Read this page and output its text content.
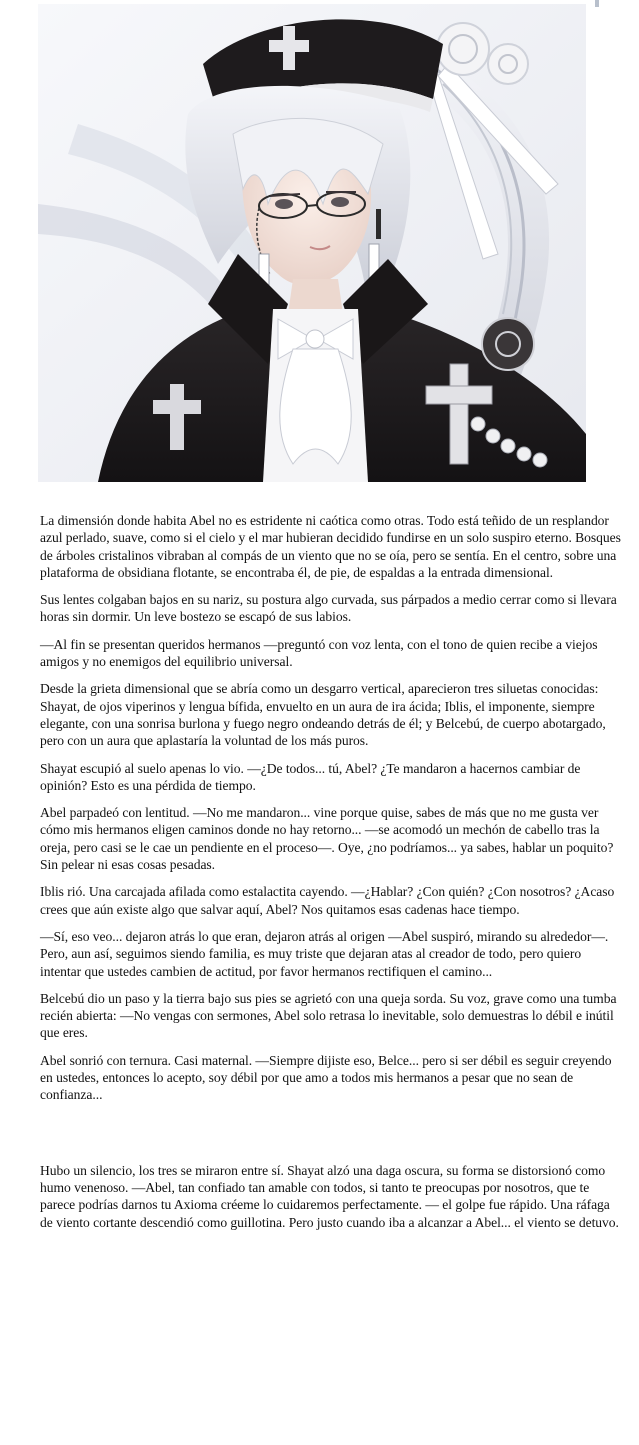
La dimensión donde habita Abel no es estridente ni caótica como otras. Todo está teñido de un resplandor azul perlado, suave, como si el cielo y el mar hubieran decidido fundirse en un solo suspiro eterno. Bosques de árboles cristalinos vibraban al compás de un viento que no se oía, pero se sentía. En el centro, sobre una plataforma de obsidiana flotante, se encontraba él, de pie, de espaldas a la entrada dimensional.

Sus lentes colgaban bajos en su nariz, su postura algo curvada, sus párpados a medio cerrar como si llevara horas sin dormir. Un leve bostezo se escapó de sus labios.

—Al fin se presentan queridos hermanos —preguntó con voz lenta, con el tono de quien recibe a viejos amigos y no enemigos del equilibrio universal.

Desde la grieta dimensional que se abría como un desgarro vertical, aparecieron tres siluetas conocidas: Shayat, de ojos viperinos y lengua bífida, envuelto en un aura de ira ácida; Iblis, el imponente, siempre elegante, con una sonrisa burlona y fuego negro ondeando detrás de él; y Belcebú, de cuerpo abotargado, pero con un aura que aplastaría la voluntad de los más puros.

Shayat escupió al suelo apenas lo vio. —¿De todos... tú, Abel? ¿Te mandaron a hacernos cambiar de opinión? Esto es una pérdida de tiempo.

Abel parpadeó con lentitud. —No me mandaron... vine porque quise, sabes de más que no me gusta ver cómo mis hermanos eligen caminos donde no hay retorno... —se acomodó un mechón de cabello tras la oreja, pero casi se le cae un pendiente en el proceso—. Oye, ¿no podríamos... ya sabes, hablar un poquito? Sin pelear ni esas cosas pesadas.

Iblis rió. Una carcajada afilada como estalactita cayendo. —¿Hablar? ¿Con quién? ¿Con nosotros? ¿Acaso crees que aún existe algo que salvar aquí, Abel? Nos quitamos esas cadenas hace tiempo.

—Sí, eso veo... dejaron atrás lo que eran, dejaron atrás al origen —Abel suspiró, mirando su alrededor—. Pero, aun así, seguimos siendo familia, es muy triste que dejaran atas al creador de todo, pero quiero intentar que ustedes cambien de actitud, por favor hermanos rectifiquen el camino...

Belcebú dio un paso y la tierra bajo sus pies se agrietó con una queja sorda. Su voz, grave como una tumba recién abierta: —No vengas con sermones, Abel solo retrasa lo inevitable, solo demuestras lo débil e inútil que eres.

Abel sonrió con ternura. Casi maternal. —Siempre dijiste eso, Belce... pero si ser débil es seguir creyendo en ustedes, entonces lo acepto, soy débil por que amo a todos mis hermanos a pesar que no sean de confianza...

Hubo un silencio, los tres se miraron entre sí. Shayat alzó una daga oscura, su forma se distorsionó como humo venenoso. —Abel, tan confiado tan amable con todos, si tanto te preocupas por nosotros, que te parece podrías darnos tu Axioma créeme lo cuidaremos perfectamente. — el golpe fue rápido. Una ráfaga de viento cortante descendió como guillotina. Pero justo cuando iba a alcanzar a Abel... el viento se detuvo.
